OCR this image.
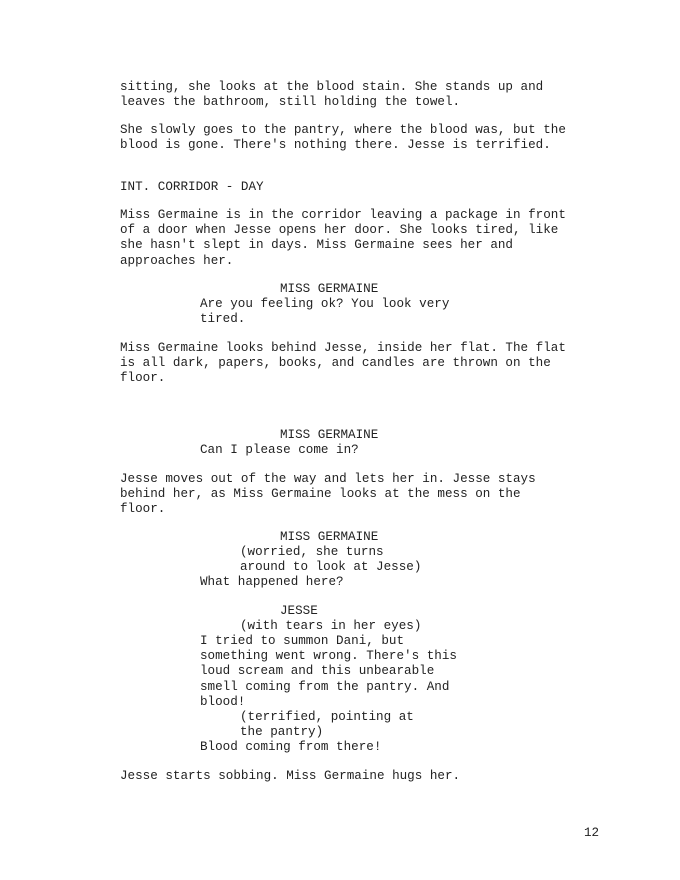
sitting, she looks at the blood stain. She stands up and
leaves the bathroom, still holding the towel.
She slowly goes to the pantry, where the blood was, but the
blood is gone. There's nothing there. Jesse is terrified.
INT. CORRIDOR - DAY
Miss Germaine is in the corridor leaving a package in front
of a door when Jesse opens her door. She looks tired, like
she hasn't slept in days. Miss Germaine sees her and
approaches her.
MISS GERMAINE
Are you feeling ok? You look very
tired.
Miss Germaine looks behind Jesse, inside her flat. The flat
is all dark, papers, books, and candles are thrown on the
floor.
MISS GERMAINE
Can I please come in?
Jesse moves out of the way and lets her in. Jesse stays
behind her, as Miss Germaine looks at the mess on the
floor.
MISS GERMAINE
(worried, she turns
around to look at Jesse)
What happened here?
JESSE
(with tears in her eyes)
I tried to summon Dani, but
something went wrong. There's this
loud scream and this unbearable
smell coming from the pantry. And
blood!
(terrified, pointing at
the pantry)
Blood coming from there!
Jesse starts sobbing. Miss Germaine hugs her.
12
